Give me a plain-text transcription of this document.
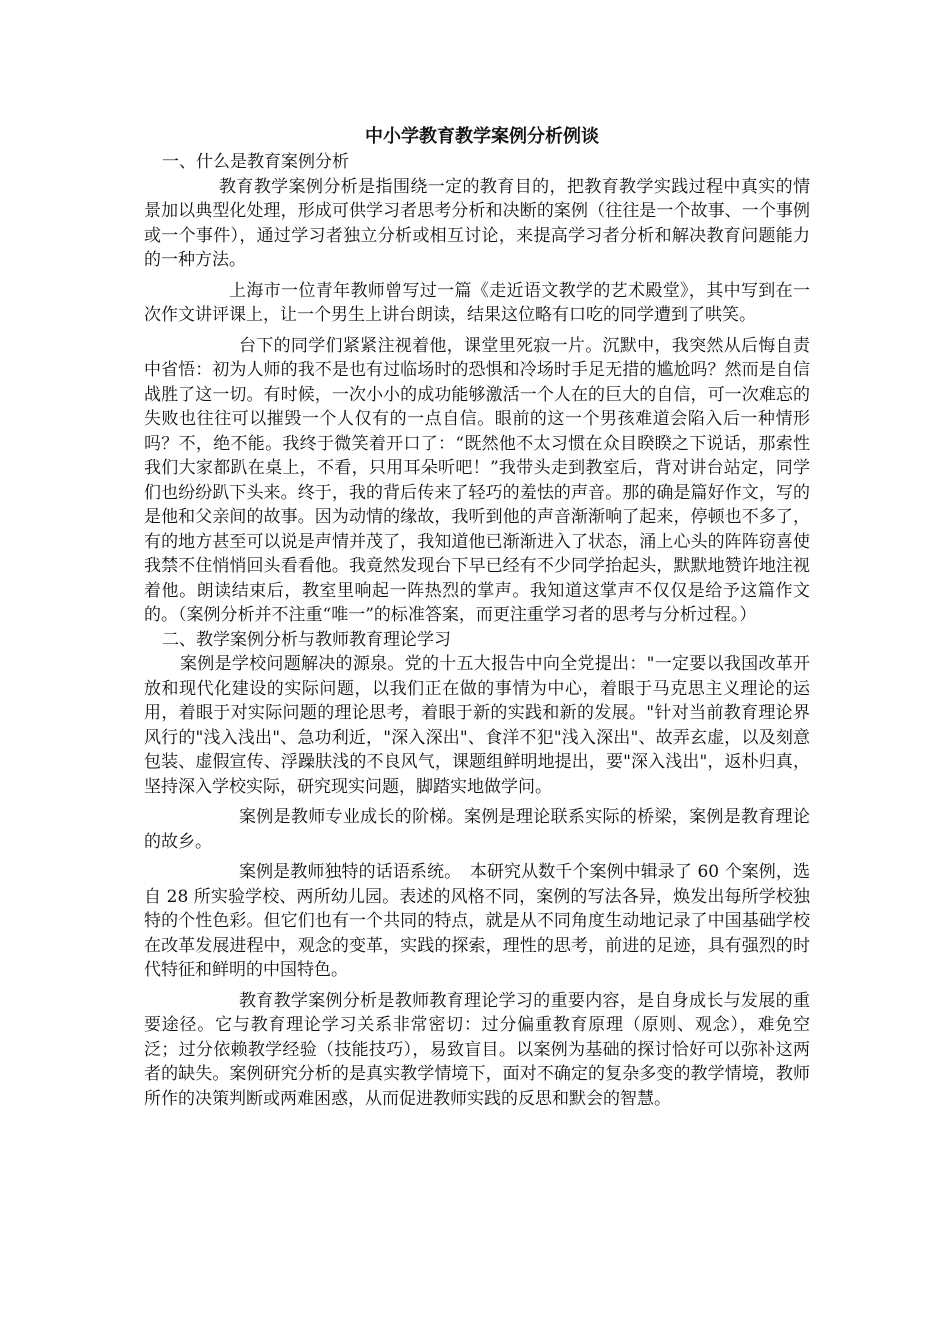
中小学教育教学案例分析例谈

一、什么是教育案例分析

教育教学案例分析是指围绕一定的教育目的，把教育教学实践过程中真实的情景加以典型化处理，形成可供学习者思考分析和决断的案例（往往是一个故事、一个事例或一个事件），通过学习者独立分析或相互讨论，来提高学习者分析和解决教育问题能力的一种方法。

上海市一位青年教师曾写过一篇《走近语文教学的艺术殿堂》，其中写到在一次作文讲评课上，让一个男生上讲台朗读，结果这位略有口吃的同学遭到了哄笑。

台下的同学们紧紧注视着他，课堂里死寂一片。沉默中，我突然从后悔自责中省悟：初为人师的我不是也有过临场时的恐惧和冷场时手足无措的尴尬吗？然而是自信战胜了这一切。有时候，一次小小的成功能够激活一个人在的巨大的自信，可一次难忘的失败也往往可以摧毁一个人仅有的一点自信。眼前的这一个男孩难道会陷入后一种情形吗？不，绝不能。我终于微笑着开口了：“既然他不太习惯在众目睽睽之下说话，那索性我们大家都趴在桌上，不看，只用耳朵听吧！”我带头走到教室后，背对讲台站定，同学们也纷纷趴下头来。终于，我的背后传来了轻巧的羞怯的声音。那的确是篇好作文，写的是他和父亲间的故事。因为动情的缘故，我听到他的声音渐渐响了起来，停顿也不多了，有的地方甚至可以说是声情并茂了，我知道他已渐渐进入了状态，涌上心头的阵阵窃喜使我禁不住悄悄回头看看他。我竟然发现台下早已经有不少同学抬起头，默默地赞许地注视着他。朗读结束后，教室里响起一阵热烈的掌声。我知道这掌声不仅仅是给予这篇作文的。（案例分析并不注重“唯一”的标准答案，而更注重学习者的思考与分析过程。）

二、教学案例分析与教师教育理论学习

案例是学校问题解决的源泉。党的十五大报告中向全党提出："一定要以我国改革开放和现代化建设的实际问题，以我们正在做的事情为中心，着眼于马克思主义理论的运用，着眼于对实际问题的理论思考，着眼于新的实践和新的发展。"针对当前教育理论界风行的"浅入浅出"、急功利近，"深入深出"、食洋不犯"浅入深出"、故弄玄虚，以及刻意包装、虚假宣传、浮躁肤浅的不良风气，课题组鲜明地提出，要"深入浅出"，返朴归真，坚持深入学校实际，研究现实问题，脚踏实地做学问。

案例是教师专业成长的阶梯。案例是理论联系实际的桥梁，案例是教育理论的故乡。

案例是教师独特的话语系统。　本研究从数千个案例中辑录了 60 个案例，选自 28 所实验学校、两所幼儿园。表述的风格不同，案例的写法各异，焕发出每所学校独特的个性色彩。但它们也有一个共同的特点，就是从不同角度生动地记录了中国基础学校在改革发展进程中，观念的变革，实践的探索，理性的思考，前进的足迹，具有强烈的时代特征和鲜明的中国特色。

教育教学案例分析是教师教育理论学习的重要内容，是自身成长与发展的重要途径。它与教育理论学习关系非常密切：过分偏重教育原理（原则、观念），难免空泛；过分依赖教学经验（技能技巧），易致盲目。以案例为基础的探讨恰好可以弥补这两者的缺失。案例研究分析的是真实教学情境下，面对不确定的复杂多变的教学情境，教师所作的决策判断或两难困惑，从而促进教师实践的反思和默会的智慧。
